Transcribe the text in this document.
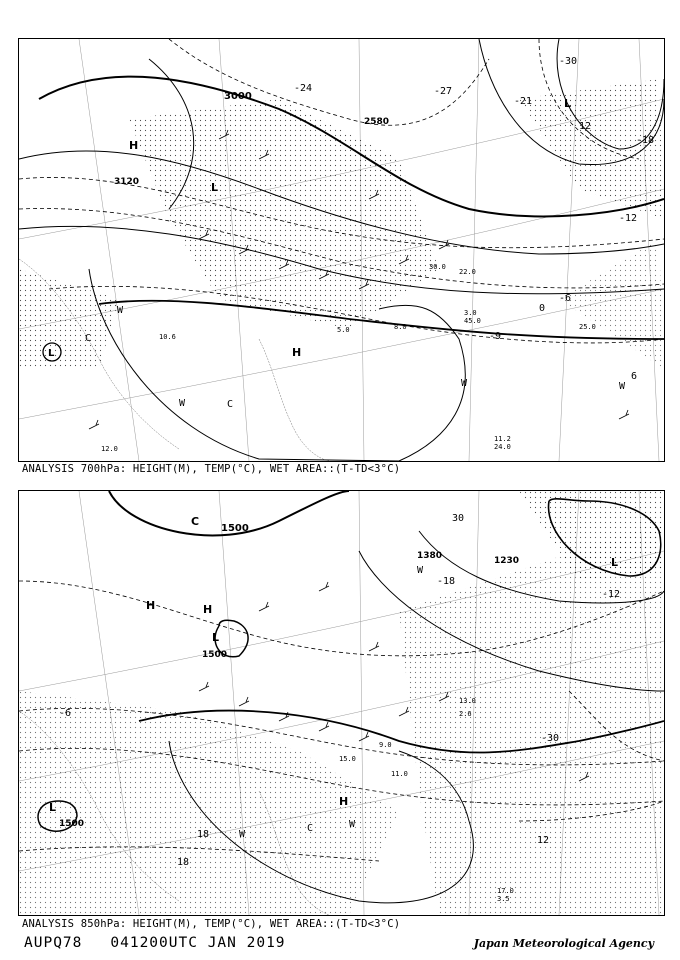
3000
2580
3120
-24	-27
-30
-18
-12
-6
0
6
12
-9
-21
H
L
L
L	H
W
W
W
C
C
W
11.2
24.0
3.0
45.0
25.0
22.0
30.0
8.0
5.0
10.6
12.0
ANALYSIS 700hPa: HEIGHT(M), TEMP(°C), WET AREA::(T-TD<3°C)
1500
1380	1230
1500
1500
-18
-12
-6
18
18
30
-30
12
H	H
L
L
L	H
C
W
W
C
W
17.0
3.5
2.6
13.0
11.0
9.0
15.0
ANALYSIS 850hPa: HEIGHT(M), TEMP(°C), WET AREA::(T-TD<3°C)
AUPQ78 041200UTC JAN 2019	Japan Meteorological Agency
